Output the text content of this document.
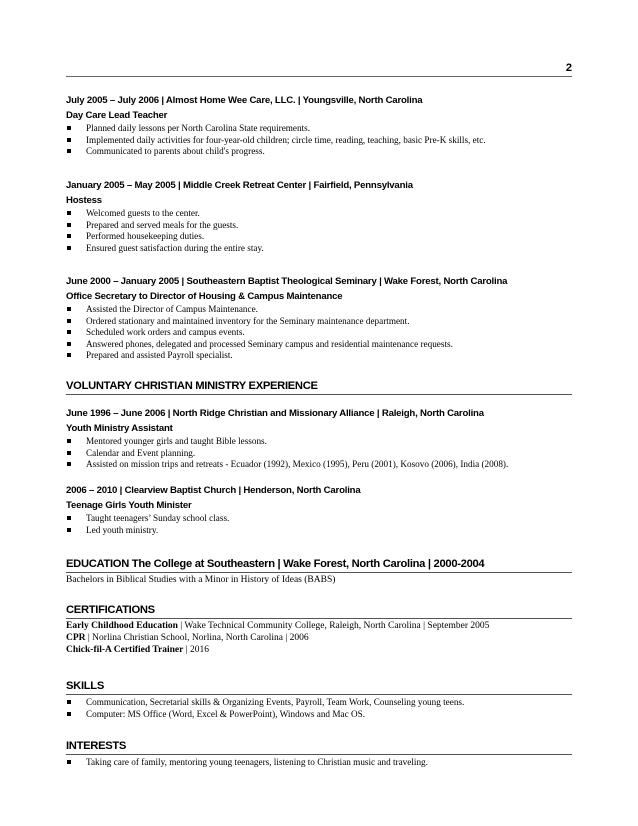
2
July 2005 – July 2006 | Almost Home Wee Care, LLC. | Youngsville, North Carolina
Day Care Lead Teacher
Planned daily lessons per North Carolina State requirements.
Implemented daily activities for four-year-old children; circle time, reading, teaching, basic Pre-K skills, etc.
Communicated to parents about child's progress.
January 2005 – May 2005 | Middle Creek Retreat Center | Fairfield, Pennsylvania
Hostess
Welcomed guests to the center.
Prepared and served meals for the guests.
Performed housekeeping duties.
Ensured guest satisfaction during the entire stay.
June 2000 – January 2005 | Southeastern Baptist Theological Seminary | Wake Forest, North Carolina
Office Secretary to Director of Housing & Campus Maintenance
Assisted the Director of Campus Maintenance.
Ordered stationary and maintained inventory for the Seminary maintenance department.
Scheduled work orders and campus events.
Answered phones, delegated and processed Seminary campus and residential maintenance requests.
Prepared and assisted Payroll specialist.
VOLUNTARY CHRISTIAN MINISTRY EXPERIENCE
June 1996 – June 2006 | North Ridge Christian and Missionary Alliance | Raleigh, North Carolina
Youth Ministry Assistant
Mentored younger girls and taught Bible lessons.
Calendar and Event planning.
Assisted on mission trips and retreats - Ecuador (1992), Mexico (1995), Peru (2001), Kosovo (2006), India (2008).
2006 – 2010 | Clearview Baptist Church | Henderson, North Carolina
Teenage Girls Youth Minister
Taught teenagers’ Sunday school class.
Led youth ministry.
EDUCATION The College at Southeastern | Wake Forest, North Carolina | 2000-2004
Bachelors in Biblical Studies with a Minor in History of Ideas (BABS)
CERTIFICATIONS
Early Childhood Education | Wake Technical Community College, Raleigh, North Carolina | September 2005
CPR | Norlina Christian School, Norlina, North Carolina | 2006
Chick-fil-A Certified Trainer | 2016
SKILLS
Communication, Secretarial skills & Organizing Events, Payroll, Team Work, Counseling young teens.
Computer: MS Office (Word, Excel & PowerPoint), Windows and Mac OS.
INTERESTS
Taking care of family, mentoring young teenagers, listening to Christian music and traveling.
